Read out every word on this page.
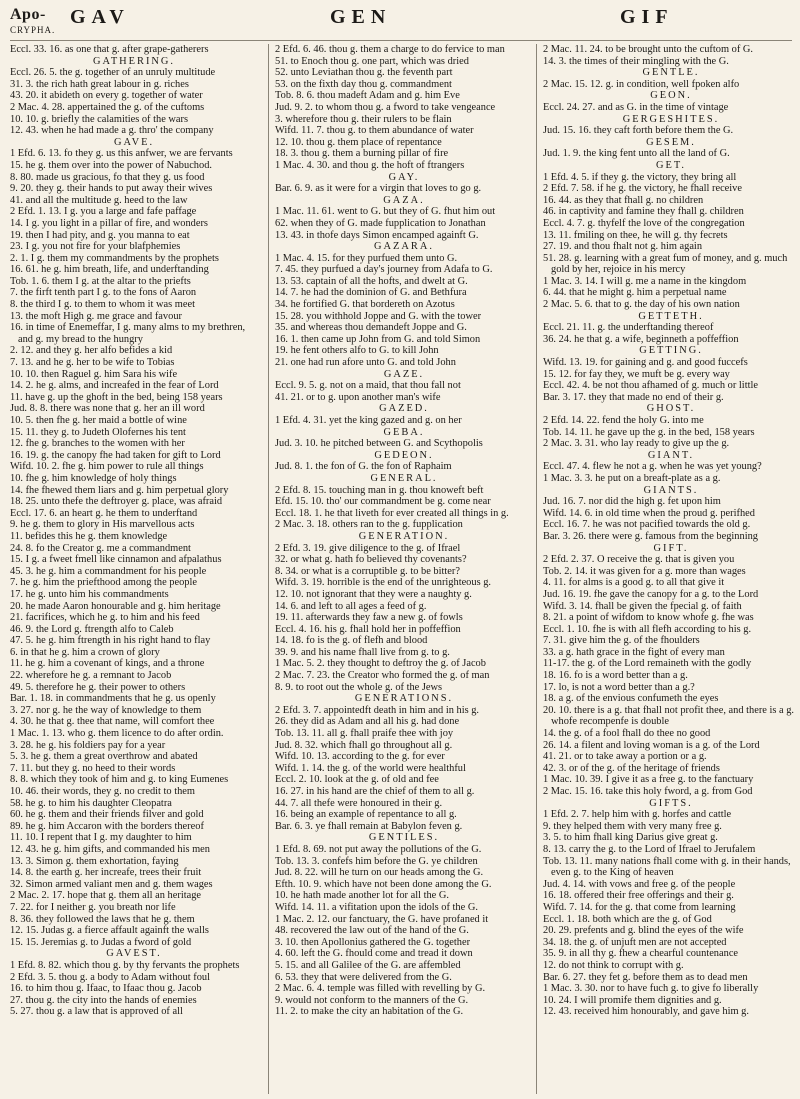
Apo-
CRYPHA.
GAV	GEN	GIF

Eccl. 33. 16. as one that g. after grape-gatherers

GATHERING.

Eccl. 26. 5. the g. together of an unruly multitude

31. 3. the rich hath great labour in g. riches

43. 20. it abideth on every g. together of water

2 Mac. 4. 28. appertained the g. of the cuftoms

10. 10. g. briefly the calamities of the wars

12. 43. when he had made a g. thro' the company

GAVE.

1 Efd. 6. 13. fo they g. us this anfwer, we are fervants

15. he g. them over into the power of Nabuchod.

8. 80. made us gracious, fo that they g. us food

9. 20. they g. their hands to put away their wives

41. and all the multitude g. heed to the law

2 Efd. 1. 13. I g. you a large and fafe paffage

14. I g. you light in a pillar of fire, and wonders

19. then I had pity, and g. you manna to eat

23. I g. you not fire for your blafphemies

2. 1. I g. them my commandments by the prophets

16. 61. he g. him breath, life, and underftanding

Tob. 1. 6. them I g. at the altar to the priefts

7. the firft tenth part I g. to the fons of Aaron

8. the third I g. to them to whom it was meet

13. the moft High g. me grace and favour

16. in time of Enemeffar, I g. many alms to my brethren, and g. my bread to the hungry

2. 12. and they g. her alfo befides a kid

7. 13. and he g. her to be wife to Tobias

10. 10. then Raguel g. him Sara his wife

14. 2. he g. alms, and increafed in the fear of Lord

11. have g. up the ghoft in the bed, being 158 years

Jud. 8. 8. there was none that g. her an ill word

10. 5. then fhe g. her maid a bottle of wine

15. 11. they g. to Judeth Olofernes his tent

12. fhe g. branches to the women with her

16. 19. g. the canopy fhe had taken for gift to Lord

Wifd. 10. 2. fhe g. him power to rule all things

10. fhe g. him knowledge of holy things

14. fhe fhewed them liars and g. him perpetual glory

18. 25. unto thefe the deftroyer g. place, was afraid

Eccl. 17. 6. an heart g. he them to underftand

9. he g. them to glory in His marvellous acts

11. befides this he g. them knowledge

24. 8. fo the Creator g. me a commandment

15. I g. a fweet fmell like cinnamon and afpalathus

45. 3. he g. him a commandment for his people

7. he g. him the priefthood among the people

17. he g. unto him his commandments

20. he made Aaron honourable and g. him heritage

21. facrifices, which he g. to him and his feed

46. 9. the Lord g. ftrength alfo to Caleb

47. 5. he g. him ftrength in his right hand to flay

6. in that he g. him a crown of glory

11. he g. him a covenant of kings, and a throne

22. wherefore he g. a remnant to Jacob

49. 5. therefore he g. their power to others

Bar. 1. 18. in commandments that he g. us openly

3. 27. nor g. he the way of knowledge to them

4. 30. he that g. thee that name, will comfort thee

1 Mac. 1. 13. who g. them licence to do after ordin.

3. 28. he g. his foldiers pay for a year

5. 3. he g. them a great overthrow and abated

7. 11. but they g. no heed to their words

8. 8. which they took of him and g. to king Eumenes

10. 46. their words, they g. no credit to them

58. he g. to him his daughter Cleopatra

60. he g. them and their friends filver and gold

89. he g. him Accaron with the borders thereof

11. 10. I repent that I g. my daughter to him

12. 43. he g. him gifts, and commanded his men

13. 3. Simon g. them exhortation, faying

14. 8. the earth g. her increafe, trees their fruit

32. Simon armed valiant men and g. them wages

2 Mac. 2. 17. hope that g. them all an heritage

7. 22. for I neither g. you breath nor life

8. 36. they followed the laws that he g. them

12. 15. Judas g. a fierce affault againft the walls

15. 15. Jeremias g. to Judas a fword of gold

GAVEST.

1 Efd. 8. 82. which thou g. by thy fervants the prophets

2 Efd. 3. 5. thou g. a body to Adam without foul

16. to him thou g. Ifaac, to Ifaac thou g. Jacob

27. thou g. the city into the hands of enemies

5. 27. thou g. a law that is approved of all

2 Efd. 6. 46. thou g. them a charge to do fervice to man

51. to Enoch thou g. one part, which was dried

52. unto Leviathan thou g. the feventh part

53. on the fixth day thou g. commandment

Tob. 8. 6. thou madeft Adam and g. him Eve

Jud. 9. 2. to whom thou g. a fword to take vengeance

3. wherefore thou g. their rulers to be flain

Wifd. 11. 7. thou g. to them abundance of water

12. 10. thou g. them place of repentance

18. 3. thou g. them a burning pillar of fire

1 Mac. 4. 30. and thou g. the hoft of ftrangers

GAY.

Bar. 6. 9. as it were for a virgin that loves to go g.

GAZA.

1 Mac. 11. 61. went to G. but they of G. fhut him out

62. when they of G. made fupplication to Jonathan

13. 43. in thofe days Simon encamped againft G.

GAZARA.

1 Mac. 4. 15. for they purfued them unto G.

7. 45. they purfued a day's journey from Adafa to G.

13. 53. captain of all the hofts, and dwelt at G.

14. 7. he had the dominion of G. and Bethfura

34. he fortified G. that bordereth on Azotus

15. 28. you withhold Joppe and G. with the tower

35. and whereas thou demandeft Joppe and G.

16. 1. then came up John from G. and told Simon

19. he fent others alfo to G. to kill John

21. one had run afore unto G. and told John

GAZE.

Eccl. 9. 5. g. not on a maid, that thou fall not

41. 21. or to g. upon another man's wife

GAZED.

1 Efd. 4. 31. yet the king gazed and g. on her

GEBA.

Jud. 3. 10. he pitched between G. and Scythopolis

GEDEON.

Jud. 8. 1. the fon of G. the fon of Raphaim

GENERAL.

2 Efd. 8. 15. touching man in g. thou knoweft beft

Efd. 15. 10. tho' our commandment be g. come near

Eccl. 18. 1. he that liveth for ever created all things in g.

2 Mac. 3. 18. others ran to the g. fupplication

GENERATION.

2 Efd. 3. 19. give diligence to the g. of Ifrael

32. or what g. hath fo believed thy covenants?

8. 34. or what is a corruptible g. to be bitter?

Wifd. 3. 19. horrible is the end of the unrighteous g.

12. 10. not ignorant that they were a naughty g.

14. 6. and left to all ages a feed of g.

19. 11. afterwards they faw a new g. of fowls

Eccl. 4. 16. his g. fhall hold her in poffeffion

14. 18. fo is the g. of flefh and blood

39. 9. and his name fhall live from g. to g.

1 Mac. 5. 2. they thought to deftroy the g. of Jacob

2 Mac. 7. 23. the Creator who formed the g. of man

8. 9. to root out the whole g. of the Jews

GENERATIONS.

2 Efd. 3. 7. appointedft death in him and in his g.

26. they did as Adam and all his g. had done

Tob. 13. 11. all g. fhall praife thee with joy

Jud. 8. 32. which fhall go throughout all g.

Wifd. 10. 13. according to the g. for ever

Wifd. 1. 14. the g. of the world were healthful

Eccl. 2. 10. look at the g. of old and fee

16. 27. in his hand are the chief of them to all g.

44. 7. all thefe were honoured in their g.

16. being an example of repentance to all g.

Bar. 6. 3. ye fhall remain at Babylon feven g.

GENTILES.

1 Efd. 8. 69. not put away the pollutions of the G.

Tob. 13. 3. confefs him before the G. ye children

Jud. 8. 22. will he turn on our heads among the G.

Efth. 10. 9. which have not been done among the G.

10. he hath made another lot for all the G.

Wifd. 14. 11. a vifitation upon the idols of the G.

1 Mac. 2. 12. our fanctuary, the G. have profaned it

48. recovered the law out of the hand of the G.

3. 10. then Apollonius gathered the G. together

4. 60. left the G. fhould come and tread it down

5. 15. and all Galilee of the G. are affembled

6. 53. they that were delivered from the G.

2 Mac. 6. 4. temple was filled with revelling by G.

9. would not conform to the manners of the G.

11. 2. to make the city an habitation of the G.

2 Mac. 11. 24. to be brought unto the cuftom of G.

14. 3. the times of their mingling with the G.

GENTLE.

2 Mac. 15. 12. g. in condition, well fpoken alfo

GEON.

Eccl. 24. 27. and as G. in the time of vintage

GERGESHITES.

Jud. 15. 16. they caft forth before them the G.

GESEM.

Jud. 1. 9. the king fent unto all the land of G.

GET.

1 Efd. 4. 5. if they g. the victory, they bring all

2 Efd. 7. 58. if he g. the victory, he fhall receive

16. 44. as they that fhall g. no children

46. in captivity and famine they fhall g. children

Eccl. 4. 7. g. thyfelf the love of the congregation

13. 11. fmiling on thee, he will g. thy fecrets

27. 19. and thou fhalt not g. him again

51. 28. g. learning with a great fum of money, and g. much gold by her, rejoice in his mercy

1 Mac. 3. 14. I will g. me a name in the kingdom

6. 44. that he might g. him a perpetual name

2 Mac. 5. 6. that to g. the day of his own nation

GETTETH.

Eccl. 21. 11. g. the underftanding thereof

36. 24. he that g. a wife, beginneth a poffeffion

GETTING.

Wifd. 13. 19. for gaining and g. and good fuccefs

15. 12. for fay they, we muft be g. every way

Eccl. 42. 4. be not thou afhamed of g. much or little

Bar. 3. 17. they that made no end of their g.

GHOST.

2 Efd. 14. 22. fend the holy G. into me

Tob. 14. 11. he gave up the g. in the bed, 158 years

2 Mac. 3. 31. who lay ready to give up the g.

GIANT.

Eccl. 47. 4. flew he not a g. when he was yet young?

1 Mac. 3. 3. he put on a breaft-plate as a g.

GIANTS.

Jud. 16. 7. nor did the high g. fet upon him

Wifd. 14. 6. in old time when the proud g. perifhed

Eccl. 16. 7. he was not pacified towards the old g.

Bar. 3. 26. there were g. famous from the beginning

GIFT.

2 Efd. 2. 37. O receive the g. that is given you

Tob. 2. 14. it was given for a g. more than wages

4. 11. for alms is a good g. to all that give it

Jud. 16. 19. fhe gave the canopy for a g. to the Lord

Wifd. 3. 14. fhall be given the fpecial g. of faith

8. 21. a point of wifdom to know whofe g. fhe was

Eccl. 1. 10. fhe is with all flefh according to his g.

7. 31. give him the g. of the fhoulders

33. a g. hath grace in the fight of every man

11-17. the g. of the Lord remaineth with the godly

18. 16. fo is a word better than a g.

17. lo, is not a word better than a g.?

18. a g. of the envious confumeth the eyes

20. 10. there is a g. that fhall not profit thee, and there is a g. whofe recompenfe is double

14. the g. of a fool fhall do thee no good

26. 14. a filent and loving woman is a g. of the Lord

41. 21. or to take away a portion or a g.

42. 3. or of the g. of the heritage of friends

1 Mac. 10. 39. I give it as a free g. to the fanctuary

2 Mac. 15. 16. take this holy fword, a g. from God

GIFTS.

1 Efd. 2. 7. help him with g. horfes and cattle

9. they helped them with very many free g.

3. 5. to him fhall king Darius give great g.

8. 13. carry the g. to the Lord of Ifrael to Jerufalem

Tob. 13. 11. many nations fhall come with g. in their hands, even g. to the King of heaven

Jud. 4. 14. with vows and free g. of the people

16. 18. offered their free offerings and their g.

Wifd. 7. 14. for the g. that come from learning

Eccl. 1. 18. both which are the g. of God

20. 29. prefents and g. blind the eyes of the wife

34. 18. the g. of unjuft men are not accepted

35. 9. in all thy g. fhew a chearful countenance

12. do not think to corrupt with g.

Bar. 6. 27. they fet g. before them as to dead men

1 Mac. 3. 30. nor to have fuch g. to give fo liberally

10. 24. I will promife them dignities and g.

12. 43. received him honourably, and gave him g.
